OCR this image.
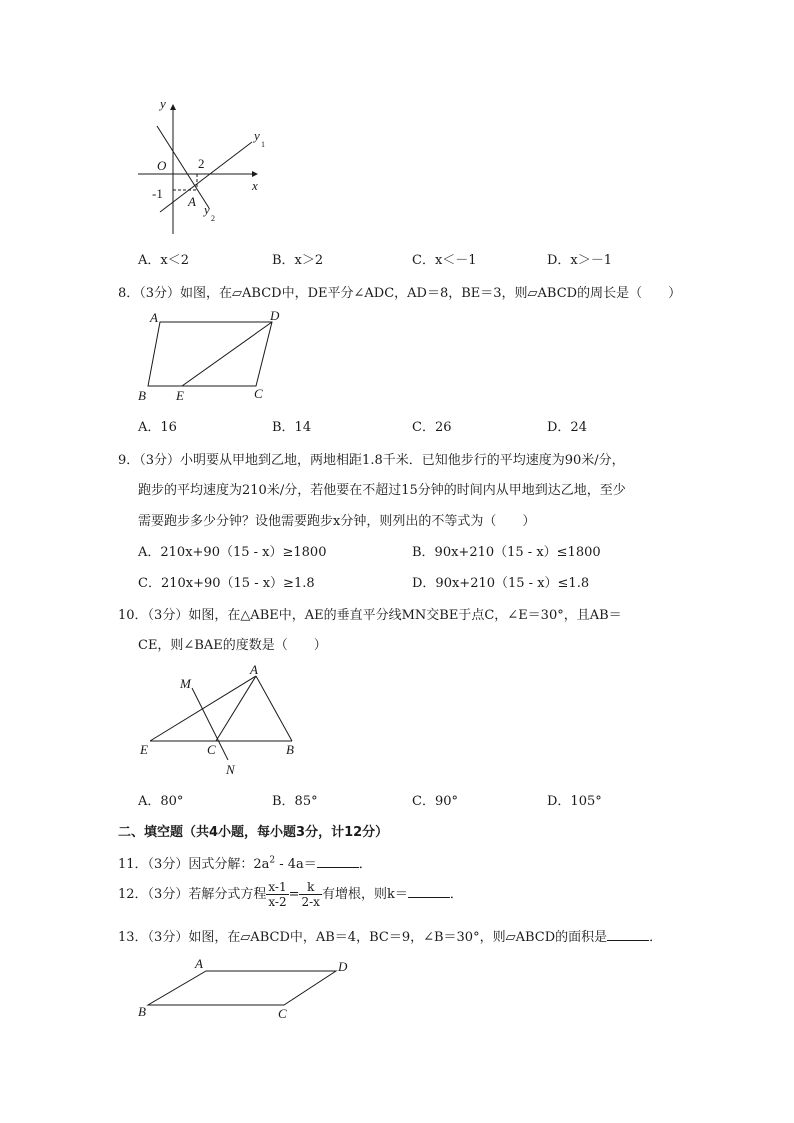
y
x
O 2
-1
A
y
1
y
2
A．x＜2	B．x＞2	C．x＜－1	D．x＞－1
8．（3分）如图，在▱ABCD中，DE平分∠ADC，AD＝8，BE＝3，则▱ABCD的周长是（　　）
A	D
B E	C
A．16	B．14	C．26	D．24
9．（3分）小明要从甲地到乙地，两地相距1.8千米．已知他步行的平均速度为90米/分，
跑步的平均速度为210米/分，若他要在不超过15分钟的时间内从甲地到达乙地，至少
需要跑步多少分钟？设他需要跑步x分钟，则列出的不等式为（　　）
A．210x+90（15 - x）≥1800	B．90x+210（15 - x）≤1800
C．210x+90（15 - x）≥1.8	D．90x+210（15 - x）≤1.8
10．（3分）如图，在△ABE中，AE的垂直平分线MN交BE于点C，∠E＝30°，且AB＝
CE，则∠BAE的度数是（　　）
A
M
E	C	B
N
A．80°	B．85°	C．90°	D．105°
二、填空题（共4小题，每小题3分，计12分）
11．（3分）因式分解：$2a^2 - 4a=$	．
12．（3分）若解分式方程 $\frac{x-1}{x-2} = \frac{k}{2-x}$ 有增根，则k＝	．
13．（3分）如图，在▱ABCD中，AB＝4，BC＝9，∠B＝30°，则▱ABCD的面积是	．
A	D
B	C
